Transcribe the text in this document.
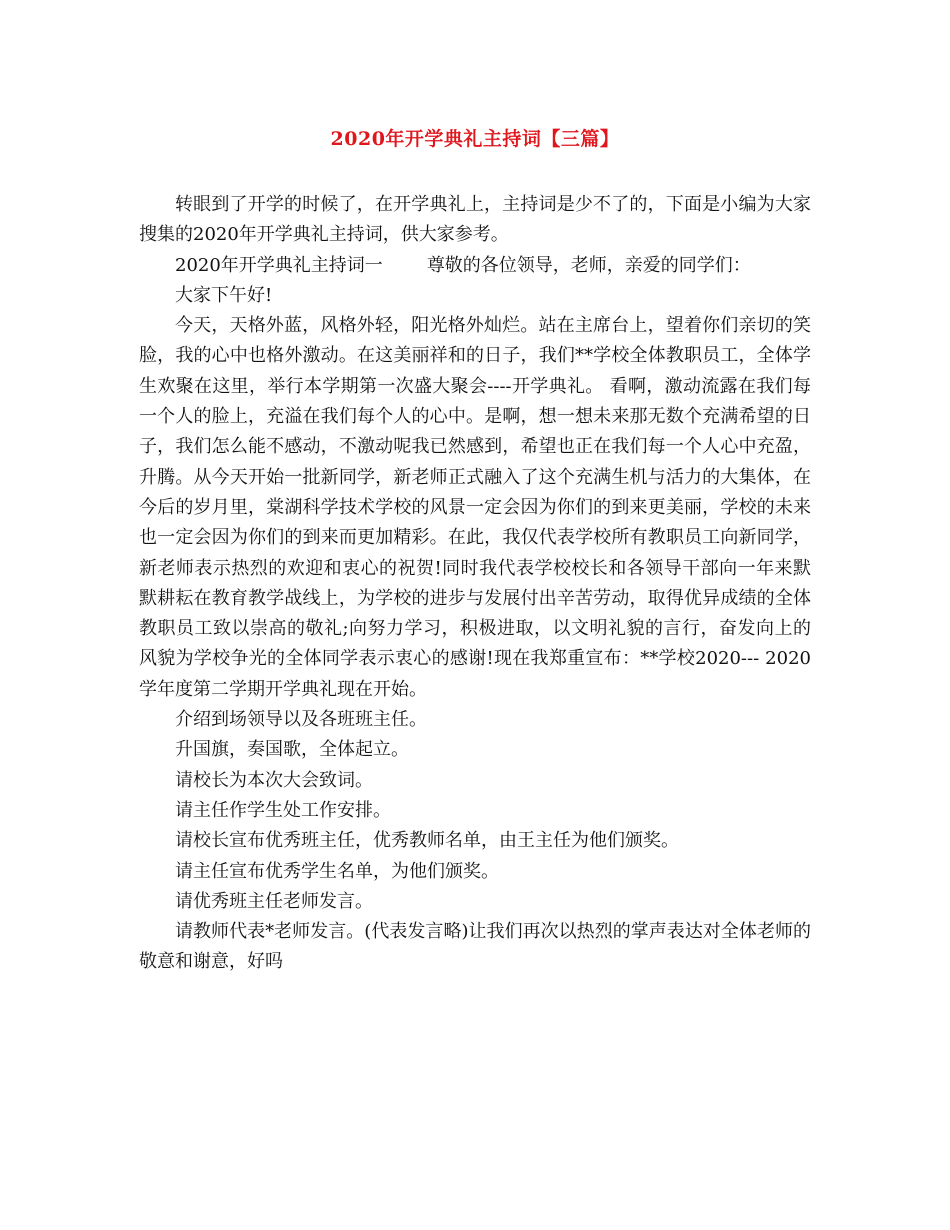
2020年开学典礼主持词【三篇】

转眼到了开学的时候了，在开学典礼上，主持词是少不了的，下面是小编为大家搜集的2020年开学典礼主持词，供大家参考。

2020年开学典礼主持词一 尊敬的各位领导，老师，亲爱的同学们：

大家下午好!

今天，天格外蓝，风格外轻，阳光格外灿烂。站在主席台上，望着你们亲切的笑脸，我的心中也格外激动。在这美丽祥和的日子，我们**学校全体教职员工，全体学生欢聚在这里，举行本学期第一次盛大聚会----开学典礼。 看啊，激动流露在我们每一个人的脸上，充溢在我们每个人的心中。是啊，想一想未来那无数个充满希望的日子，我们怎么能不感动，不激动呢我已然感到，希望也正在我们每一个人心中充盈，升腾。从今天开始一批新同学，新老师正式融入了这个充满生机与活力的大集体，在今后的岁月里，棠湖科学技术学校的风景一定会因为你们的到来更美丽，学校的未来也一定会因为你们的到来而更加精彩。在此，我仅代表学校所有教职员工向新同学，新老师表示热烈的欢迎和衷心的祝贺!同时我代表学校校长和各领导干部向一年来默默耕耘在教育教学战线上，为学校的进步与发展付出辛苦劳动，取得优异成绩的全体教职员工致以崇高的敬礼;向努力学习，积极进取，以文明礼貌的言行，奋发向上的风貌为学校争光的全体同学表示衷心的感谢!现在我郑重宣布：**学校2020--- 2020学年度第二学期开学典礼现在开始。

介绍到场领导以及各班班主任。

升国旗，奏国歌，全体起立。

请校长为本次大会致词。

请主任作学生处工作安排。

请校长宣布优秀班主任，优秀教师名单，由王主任为他们颁奖。

请主任宣布优秀学生名单，为他们颁奖。

请优秀班主任老师发言。

请教师代表*老师发言。(代表发言略)让我们再次以热烈的掌声表达对全体老师的敬意和谢意，好吗
